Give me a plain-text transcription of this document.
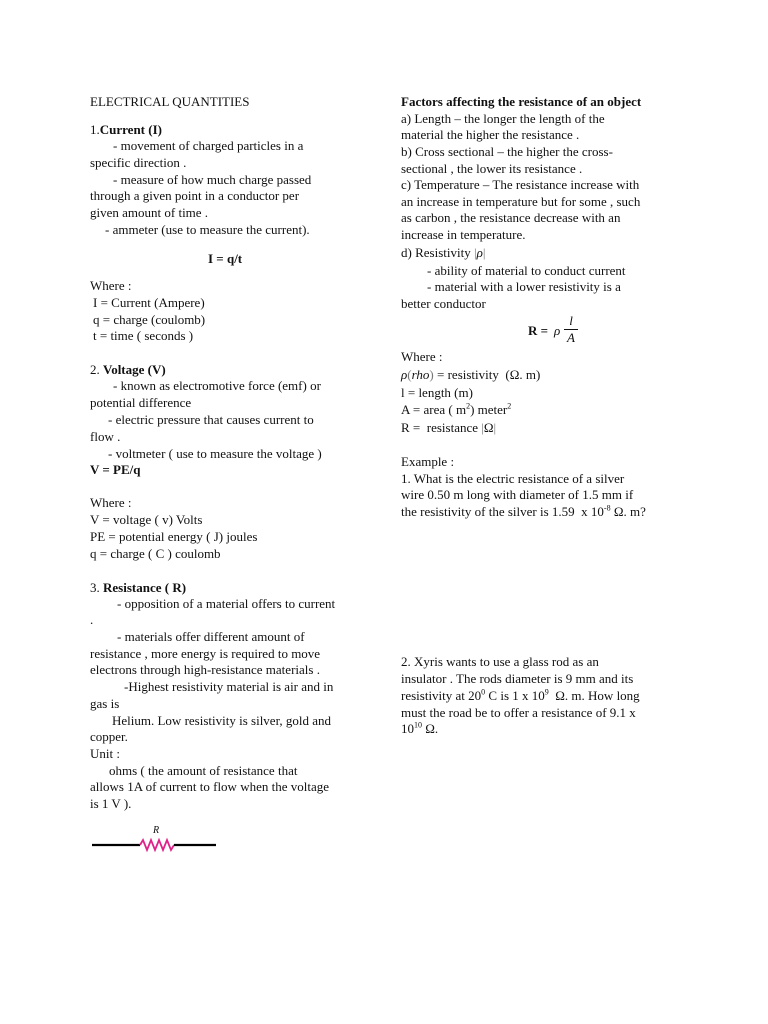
ELECTRICAL QUANTITIES
1.Current (I)
- movement of charged particles in a
specific direction .
- measure of how much charge passed
through a given point in a conductor per
given amount of time .
- ammeter (use to measure the current).
I = q/t
Where :
I = Current (Ampere)
q = charge (coulomb)
t = time ( seconds )
2. Voltage (V)
- known as electromotive force (emf) or
potential difference
- electric pressure that causes current to
flow .
- voltmeter ( use to measure the voltage )
V = PE/q
Where :
V = voltage ( v) Volts
PE = potential energy ( J) joules
q = charge ( C ) coulomb
3. Resistance ( R)
- opposition of a material offers to current
.
- materials offer different amount of
resistance , more energy is required to move
electrons through high-resistance materials .
-Highest resistivity material is air and in
gas is
Helium. Low resistivity is silver, gold and
copper.
Unit :
ohms ( the amount of resistance that
allows 1A of current to flow when the voltage
is 1 V ).
R
Factors affecting the resistance of an object
a) Length – the longer the length of the
material the higher the resistance .
b) Cross sectional – the higher the cross-
sectional , the lower its resistance .
c) Temperature – The resistance increase with
an increase in temperature but for some , such
as carbon , the resistance decrease with an
increase in temperature.
d) Resistivity |ρ|
- ability of material to conduct current
- material with a lower resistivity is a
better conductor
R = ρ
l
A
Where :
ρ(rho) = resistivity  (Ω. m)
l = length (m)
A = area ( $m^2$) meter$^2$
R =  resistance |Ω|
Example :
1. What is the electric resistance of a silver
wire 0.50 m long with diameter of 1.5 mm if
the resistivity of the silver is 1.59  x $10^{-8}$ Ω. m?
2. Xyris wants to use a glass rod as an
insulator . The rods diameter is 9 mm and its
resistivity at $20^0$ C is 1 x $10^9$  Ω. m. How long
must the road be to offer a resistance of 9.1 x
$10^{10}$ Ω.
